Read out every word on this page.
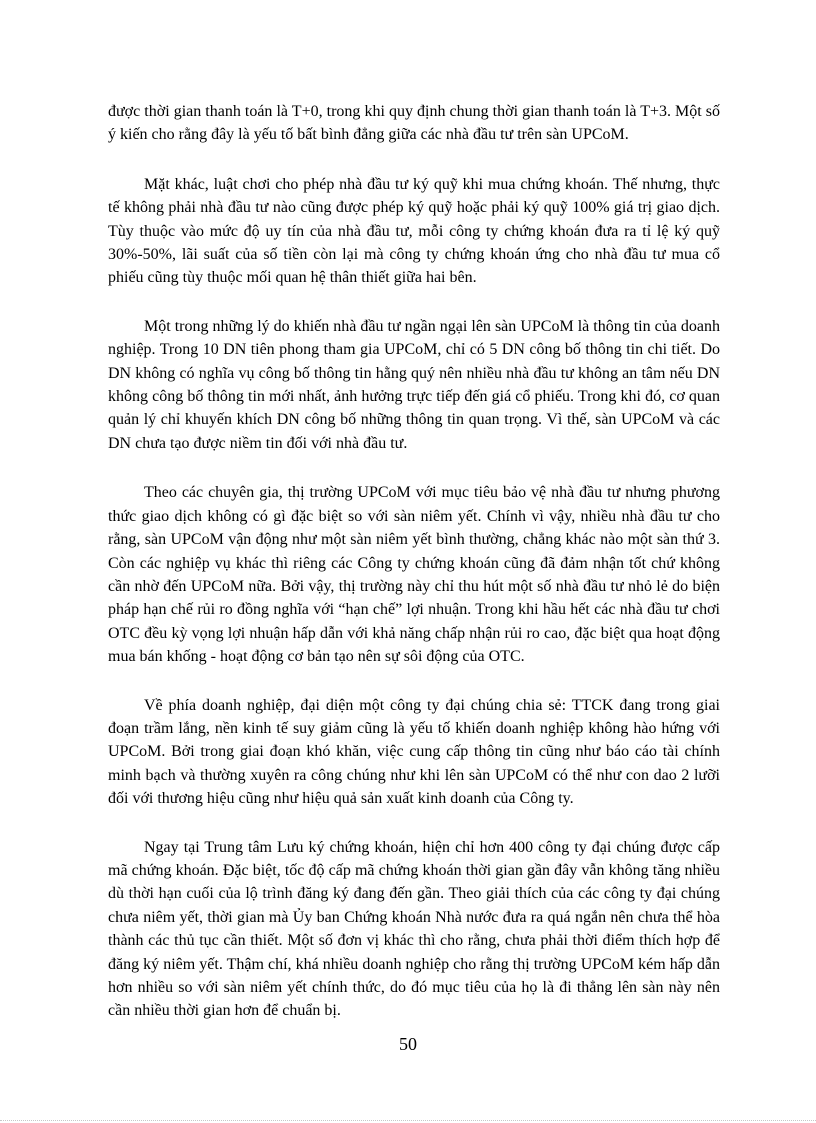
được thời gian thanh toán là T+0, trong khi quy định chung thời gian thanh toán là T+3. Một số ý kiến cho rằng đây là yếu tố bất bình đẳng giữa các nhà đầu tư trên sàn UPCoM.

Mặt khác, luật chơi cho phép nhà đầu tư ký quỹ khi mua chứng khoán. Thế nhưng, thực tế không phải nhà đầu tư nào cũng được phép ký quỹ hoặc phải ký quỹ 100% giá trị giao dịch. Tùy thuộc vào mức độ uy tín của nhà đầu tư, mỗi công ty chứng khoán đưa ra tỉ lệ ký quỹ 30%-50%, lãi suất của số tiền còn lại mà công ty chứng khoán ứng cho nhà đầu tư mua cổ phiếu cũng tùy thuộc mối quan hệ thân thiết giữa hai bên.

Một trong những lý do khiến nhà đầu tư ngần ngại lên sàn UPCoM là thông tin của doanh nghiệp. Trong 10 DN tiên phong tham gia UPCoM, chỉ có 5 DN công bố thông tin chi tiết. Do DN không có nghĩa vụ công bố thông tin hằng quý nên nhiều nhà đầu tư không an tâm nếu DN không công bố thông tin mới nhất, ảnh hưởng trực tiếp đến giá cổ phiếu. Trong khi đó, cơ quan quản lý chỉ khuyến khích DN công bố những thông tin quan trọng. Vì thế, sàn UPCoM và các DN chưa tạo được niềm tin đối với nhà đầu tư.

Theo các chuyên gia, thị trường UPCoM với mục tiêu bảo vệ nhà đầu tư nhưng phương thức giao dịch không có gì đặc biệt so với sàn niêm yết. Chính vì vậy, nhiều nhà đầu tư cho rằng, sàn UPCoM vận động như một sàn niêm yết bình thường, chẳng khác nào một sàn thứ 3. Còn các nghiệp vụ khác thì riêng các Công ty chứng khoán cũng đã đảm nhận tốt chứ không cần nhờ đến UPCoM nữa. Bởi vậy, thị trường này chỉ thu hút một số nhà đầu tư nhỏ lẻ do biện pháp hạn chế rủi ro đồng nghĩa với “hạn chế” lợi nhuận. Trong khi hầu hết các nhà đầu tư chơi OTC đều kỳ vọng lợi nhuận hấp dẫn với khả năng chấp nhận rủi ro cao, đặc biệt qua hoạt động mua bán khống - hoạt động cơ bản tạo nên sự sôi động của OTC.

Về phía doanh nghiệp, đại diện một công ty đại chúng chia sẻ: TTCK đang trong giai đoạn trầm lắng, nền kinh tế suy giảm cũng là yếu tố khiến doanh nghiệp không hào hứng với UPCoM. Bởi trong giai đoạn khó khăn, việc cung cấp thông tin cũng như báo cáo tài chính minh bạch và thường xuyên ra công chúng như khi lên sàn UPCoM có thể như con dao 2 lưỡi đối với thương hiệu cũng như hiệu quả sản xuất kinh doanh của Công ty.

Ngay tại Trung tâm Lưu ký chứng khoán, hiện chỉ hơn 400 công ty đại chúng được cấp mã chứng khoán. Đặc biệt, tốc độ cấp mã chứng khoán thời gian gần đây vẫn không tăng nhiều dù thời hạn cuối của lộ trình đăng ký đang đến gần. Theo giải thích của các công ty đại chúng chưa niêm yết, thời gian mà Ủy ban Chứng khoán Nhà nước đưa ra quá ngắn nên chưa thể hòa thành các thủ tục cần thiết. Một số đơn vị khác thì cho rằng, chưa phải thời điểm thích hợp để đăng ký niêm yết. Thậm chí, khá nhiều doanh nghiệp cho rằng thị trường UPCoM kém hấp dẫn hơn nhiều so với sàn niêm yết chính thức, do đó mục tiêu của họ là đi thẳng lên sàn này nên cần nhiều thời gian hơn để chuẩn bị.

50
